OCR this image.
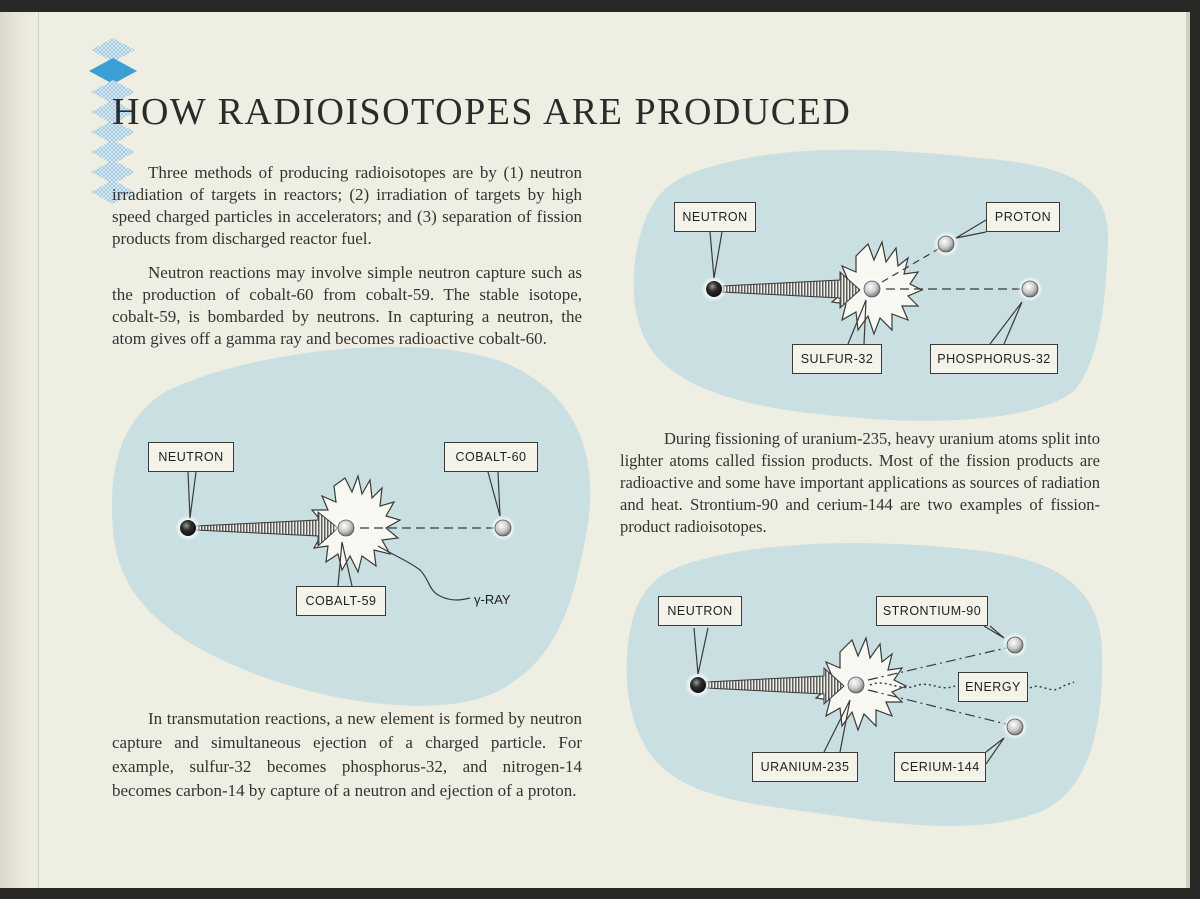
HOW RADIOISOTOPES ARE PRODUCED

Three methods of producing radioisotopes are by (1) neutron irradiation of targets in reactors; (2) irradiation of targets by high speed charged particles in accelerators; and (3) separation of fission products from discharged reactor fuel.

Neutron reactions may involve simple neutron capture such as the production of cobalt-60 from cobalt-59. The stable isotope, cobalt-59, is bombarded by neutrons. In capturing a neutron, the atom gives off a gamma ray and becomes radioactive cobalt-60.

In transmutation reactions, a new element is formed by neutron capture and simultaneous ejection of a charged particle. For example, sulfur-32 becomes phosphorus-32, and nitrogen-14 becomes carbon-14 by capture of a neutron and ejection of a proton.

During fissioning of uranium-235, heavy uranium atoms split into lighter atoms called fission products. Most of the fission products are radioactive and some have important applications as sources of radiation and heat. Strontium-90 and cerium-144 are two examples of fission-product radioisotopes.

NEUTRON	COBALT-60
COBALT-59	γ-RAY
NEUTRON	PROTON
SULFUR-32	PHOSPHORUS-32
NEUTRON	STRONTIUM-90
ENERGY
URANIUM-235	CERIUM-144
